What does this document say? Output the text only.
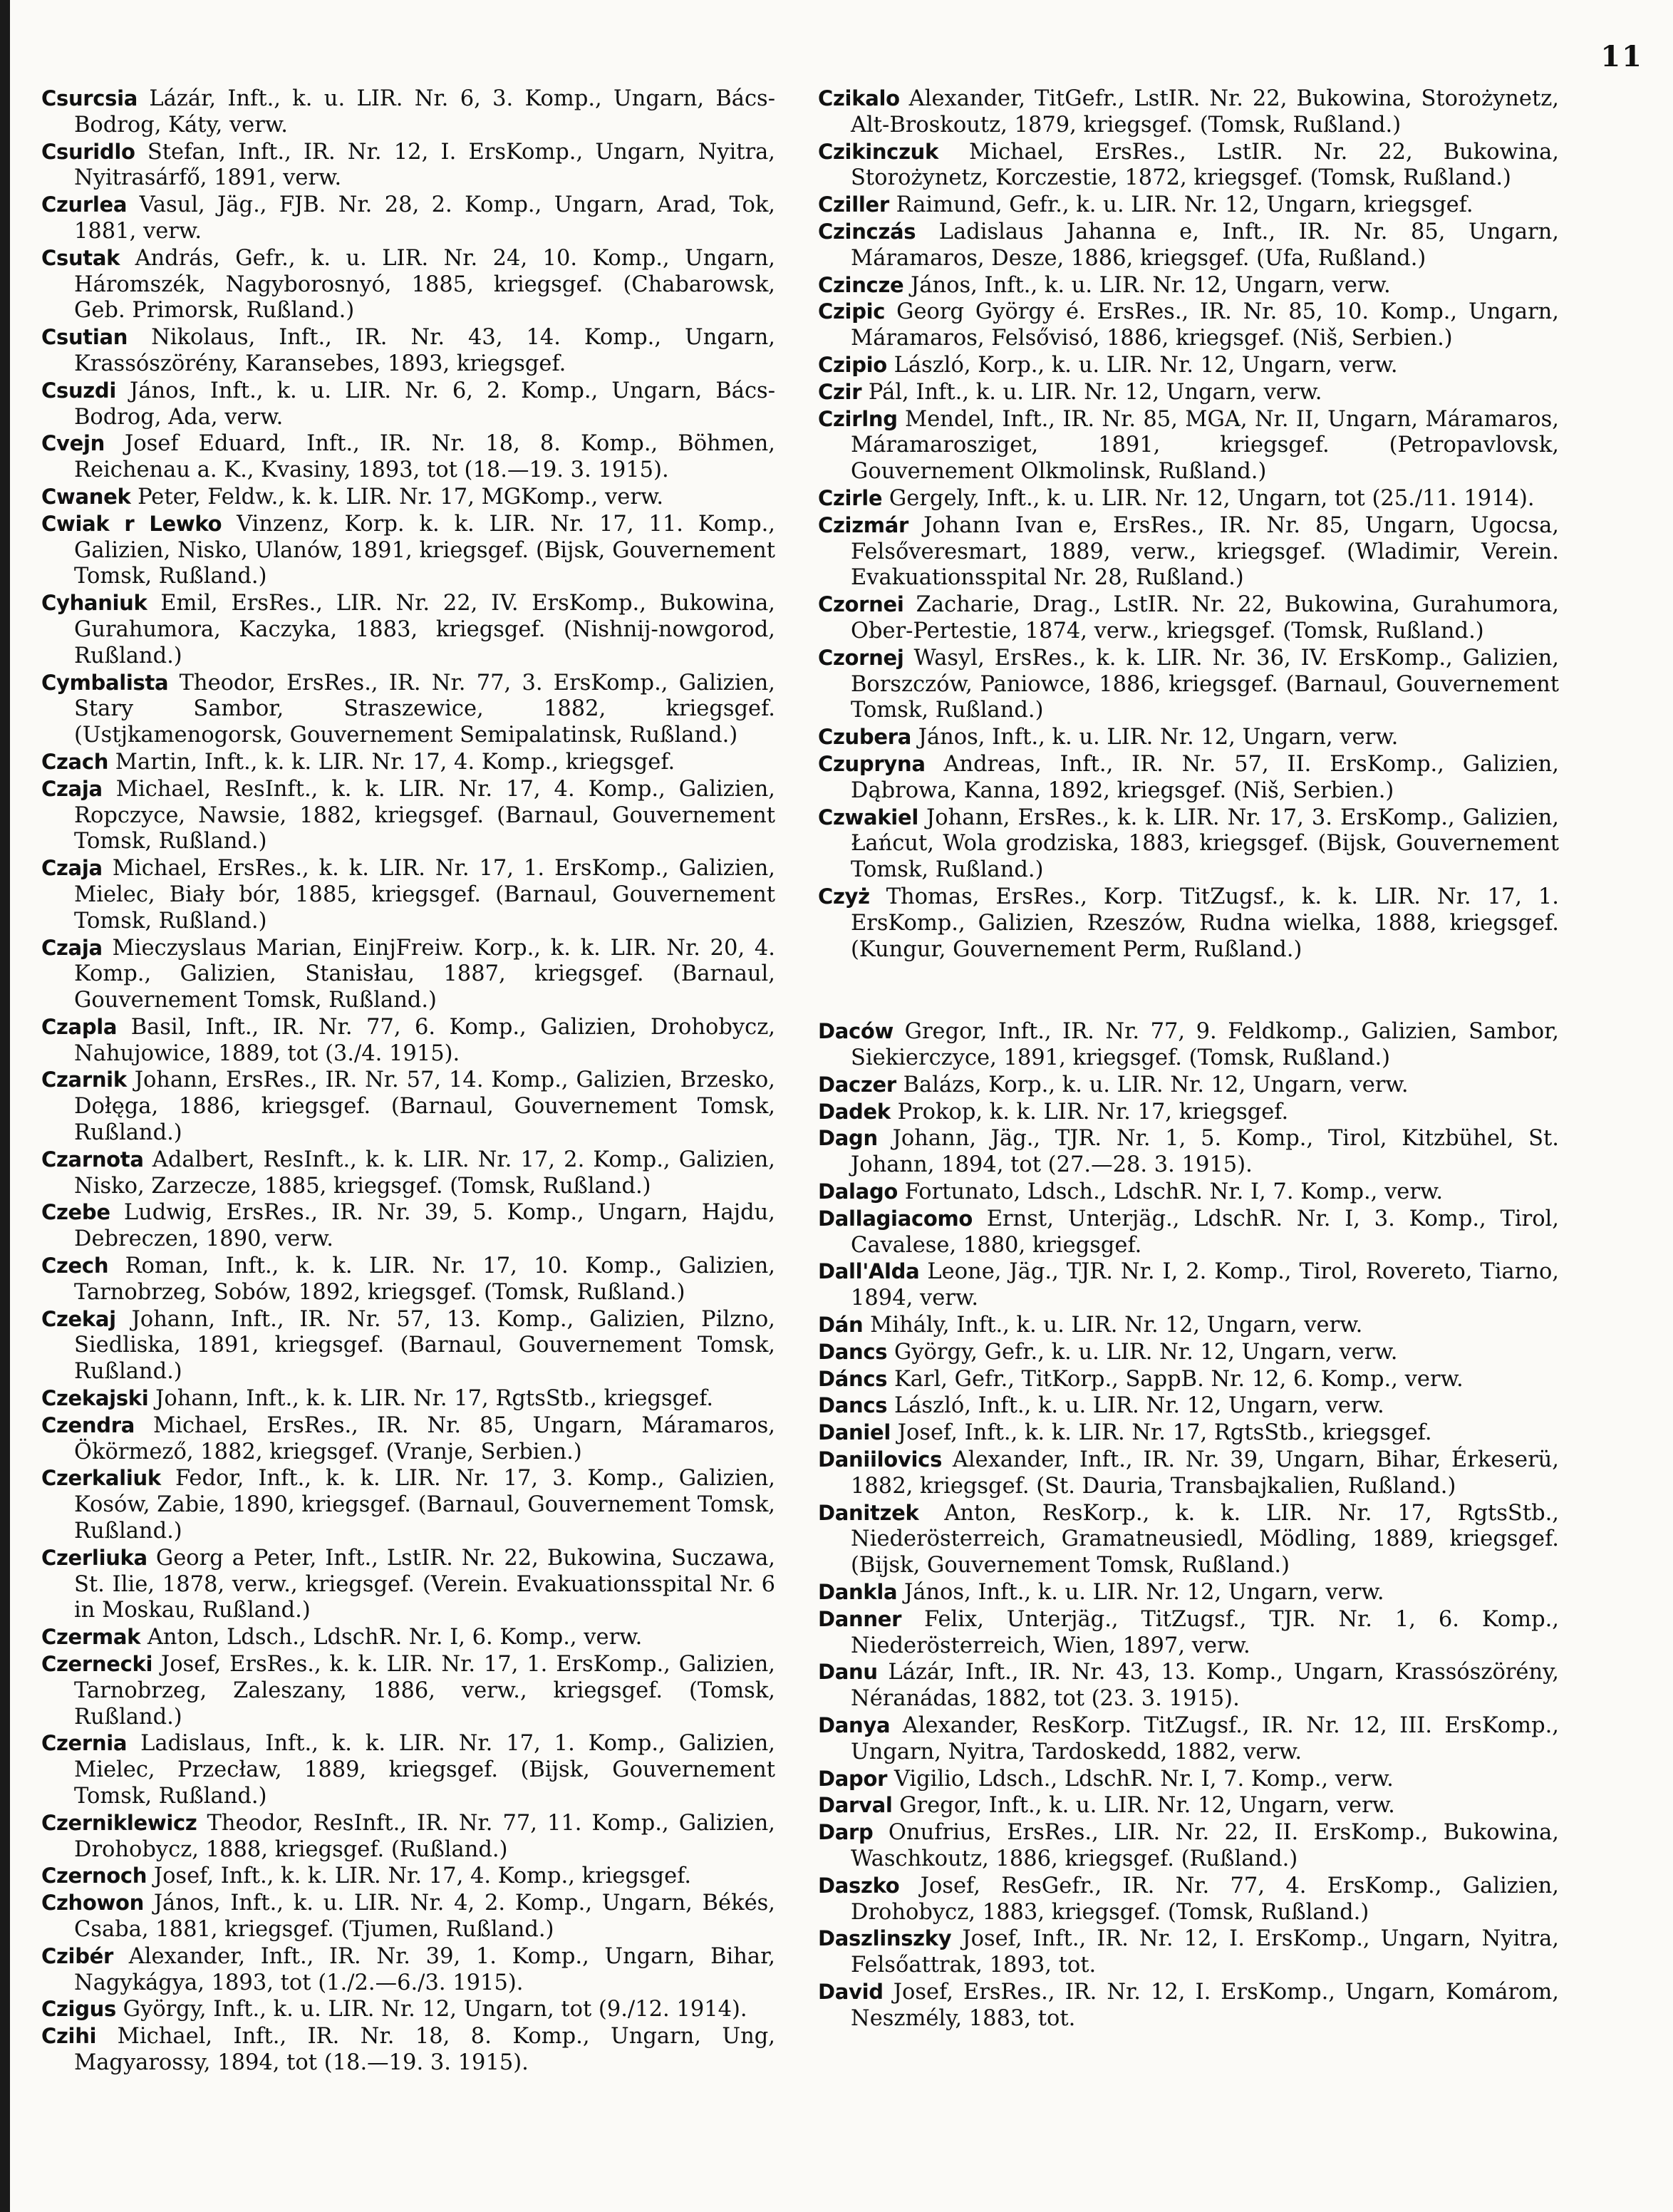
11

Csurcsia Lázár, Inft., k. u. LIR. Nr. 6, 3. Komp., Ungarn, Bács-Bodrog, Káty, verw.

Csuridlo Stefan, Inft., IR. Nr. 12, I. ErsKomp., Ungarn, Nyitra, Nyitrasárfő, 1891, verw.

Czurlea Vasul, Jäg., FJB. Nr. 28, 2. Komp., Ungarn, Arad, Tok, 1881, verw.

Csutak András, Gefr., k. u. LIR. Nr. 24, 10. Komp., Ungarn, Háromszék, Nagyborosnyó, 1885, kriegsgef. (Chabarowsk, Geb. Primorsk, Rußland.)

Csutian Nikolaus, Inft., IR. Nr. 43, 14. Komp., Ungarn, Krassószörény, Karansebes, 1893, kriegsgef.

Csuzdi János, Inft., k. u. LIR. Nr. 6, 2. Komp., Ungarn, Bács-Bodrog, Ada, verw.

Cvejn Josef Eduard, Inft., IR. Nr. 18, 8. Komp., Böhmen, Reichenau a. K., Kvasiny, 1893, tot (18.—19. 3. 1915).

Cwanek Peter, Feldw., k. k. LIR. Nr. 17, MGKomp., verw.

Cwiak r Lewko Vinzenz, Korp. k. k. LIR. Nr. 17, 11. Komp., Galizien, Nisko, Ulanów, 1891, kriegsgef. (Bijsk, Gouvernement Tomsk, Rußland.)

Cyhaniuk Emil, ErsRes., LIR. Nr. 22, IV. ErsKomp., Bukowina, Gurahumora, Kaczyka, 1883, kriegsgef. (Nishnij-nowgorod, Rußland.)

Cymbalista Theodor, ErsRes., IR. Nr. 77, 3. ErsKomp., Galizien, Stary Sambor, Straszewice, 1882, kriegsgef. (Ustjkamenogorsk, Gouvernement Semipalatinsk, Rußland.)

Czach Martin, Inft., k. k. LIR. Nr. 17, 4. Komp., kriegsgef.

Czaja Michael, ResInft., k. k. LIR. Nr. 17, 4. Komp., Galizien, Ropczyce, Nawsie, 1882, kriegsgef. (Barnaul, Gouvernement Tomsk, Rußland.)

Czaja Michael, ErsRes., k. k. LIR. Nr. 17, 1. ErsKomp., Galizien, Mielec, Biały bór, 1885, kriegsgef. (Barnaul, Gouvernement Tomsk, Rußland.)

Czaja Mieczyslaus Marian, EinjFreiw. Korp., k. k. LIR. Nr. 20, 4. Komp., Galizien, Stanisłau, 1887, kriegsgef. (Barnaul, Gouvernement Tomsk, Rußland.)

Czapla Basil, Inft., IR. Nr. 77, 6. Komp., Galizien, Drohobycz, Nahujowice, 1889, tot (3./4. 1915).

Czarnik Johann, ErsRes., IR. Nr. 57, 14. Komp., Galizien, Brzesko, Dołęga, 1886, kriegsgef. (Barnaul, Gouvernement Tomsk, Rußland.)

Czarnota Adalbert, ResInft., k. k. LIR. Nr. 17, 2. Komp., Galizien, Nisko, Zarzecze, 1885, kriegsgef. (Tomsk, Rußland.)

Czebe Ludwig, ErsRes., IR. Nr. 39, 5. Komp., Ungarn, Hajdu, Debreczen, 1890, verw.

Czech Roman, Inft., k. k. LIR. Nr. 17, 10. Komp., Galizien, Tarnobrzeg, Sobów, 1892, kriegsgef. (Tomsk, Rußland.)

Czekaj Johann, Inft., IR. Nr. 57, 13. Komp., Galizien, Pilzno, Siedliska, 1891, kriegsgef. (Barnaul, Gouvernement Tomsk, Rußland.)

Czekajski Johann, Inft., k. k. LIR. Nr. 17, RgtsStb., kriegsgef.

Czendra Michael, ErsRes., IR. Nr. 85, Ungarn, Máramaros, Ökörmező, 1882, kriegsgef. (Vranje, Serbien.)

Czerkaliuk Fedor, Inft., k. k. LIR. Nr. 17, 3. Komp., Galizien, Kosów, Zabie, 1890, kriegsgef. (Barnaul, Gouvernement Tomsk, Rußland.)

Czerliuka Georg a Peter, Inft., LstIR. Nr. 22, Bukowina, Suczawa, St. Ilie, 1878, verw., kriegsgef. (Verein. Evakuationsspital Nr. 6 in Moskau, Rußland.)

Czermak Anton, Ldsch., LdschR. Nr. I, 6. Komp., verw.

Czernecki Josef, ErsRes., k. k. LIR. Nr. 17, 1. ErsKomp., Galizien, Tarnobrzeg, Zaleszany, 1886, verw., kriegsgef. (Tomsk, Rußland.)

Czernia Ladislaus, Inft., k. k. LIR. Nr. 17, 1. Komp., Galizien, Mielec, Przecław, 1889, kriegsgef. (Bijsk, Gouvernement Tomsk, Rußland.)

Czerniklewicz Theodor, ResInft., IR. Nr. 77, 11. Komp., Galizien, Drohobycz, 1888, kriegsgef. (Rußland.)

Czernoch Josef, Inft., k. k. LIR. Nr. 17, 4. Komp., kriegsgef.

Czhowon János, Inft., k. u. LIR. Nr. 4, 2. Komp., Ungarn, Békés, Csaba, 1881, kriegsgef. (Tjumen, Rußland.)

Czibér Alexander, Inft., IR. Nr. 39, 1. Komp., Ungarn, Bihar, Nagykágya, 1893, tot (1./2.—6./3. 1915).

Czigus György, Inft., k. u. LIR. Nr. 12, Ungarn, tot (9./12. 1914).

Czihi Michael, Inft., IR. Nr. 18, 8. Komp., Ungarn, Ung, Magyarossy, 1894, tot (18.—19. 3. 1915).

Czikalo Alexander, TitGefr., LstIR. Nr. 22, Bukowina, Storożynetz, Alt-Broskoutz, 1879, kriegsgef. (Tomsk, Rußland.)

Czikinczuk Michael, ErsRes., LstIR. Nr. 22, Bukowina, Storożynetz, Korczestie, 1872, kriegsgef. (Tomsk, Rußland.)

Cziller Raimund, Gefr., k. u. LIR. Nr. 12, Ungarn, kriegsgef.

Czinczás Ladislaus Jahanna e, Inft., IR. Nr. 85, Ungarn, Máramaros, Desze, 1886, kriegsgef. (Ufa, Rußland.)

Czincze János, Inft., k. u. LIR. Nr. 12, Ungarn, verw.

Czipic Georg György é. ErsRes., IR. Nr. 85, 10. Komp., Ungarn, Máramaros, Felsővisó, 1886, kriegsgef. (Niš, Serbien.)

Czipio László, Korp., k. u. LIR. Nr. 12, Ungarn, verw.

Czir Pál, Inft., k. u. LIR. Nr. 12, Ungarn, verw.

Czirlng Mendel, Inft., IR. Nr. 85, MGA, Nr. II, Ungarn, Máramaros, Máramarosziget, 1891, kriegsgef. (Petropavlovsk, Gouvernement Olkmolinsk, Rußland.)

Czirle Gergely, Inft., k. u. LIR. Nr. 12, Ungarn, tot (25./11. 1914).

Czizmár Johann Ivan e, ErsRes., IR. Nr. 85, Ungarn, Ugocsa, Felsőveresmart, 1889, verw., kriegsgef. (Wladimir, Verein. Evakuationsspital Nr. 28, Rußland.)

Czornei Zacharie, Drag., LstIR. Nr. 22, Bukowina, Gurahumora, Ober-Pertestie, 1874, verw., kriegsgef. (Tomsk, Rußland.)

Czornej Wasyl, ErsRes., k. k. LIR. Nr. 36, IV. ErsKomp., Galizien, Borszczów, Paniowce, 1886, kriegsgef. (Barnaul, Gouvernement Tomsk, Rußland.)

Czubera János, Inft., k. u. LIR. Nr. 12, Ungarn, verw.

Czupryna Andreas, Inft., IR. Nr. 57, II. ErsKomp., Galizien, Dąbrowa, Kanna, 1892, kriegsgef. (Niš, Serbien.)

Czwakiel Johann, ErsRes., k. k. LIR. Nr. 17, 3. ErsKomp., Galizien, Łańcut, Wola grodziska, 1883, kriegsgef. (Bijsk, Gouvernement Tomsk, Rußland.)

Czyż Thomas, ErsRes., Korp. TitZugsf., k. k. LIR. Nr. 17, 1. ErsKomp., Galizien, Rzeszów, Rudna wielka, 1888, kriegsgef. (Kungur, Gouvernement Perm, Rußland.)

Daców Gregor, Inft., IR. Nr. 77, 9. Feldkomp., Galizien, Sambor, Siekierczyce, 1891, kriegsgef. (Tomsk, Rußland.)

Daczer Balázs, Korp., k. u. LIR. Nr. 12, Ungarn, verw.

Dadek Prokop, k. k. LIR. Nr. 17, kriegsgef.

Dagn Johann, Jäg., TJR. Nr. 1, 5. Komp., Tirol, Kitzbühel, St. Johann, 1894, tot (27.—28. 3. 1915).

Dalago Fortunato, Ldsch., LdschR. Nr. I, 7. Komp., verw.

Dallagiacomo Ernst, Unterjäg., LdschR. Nr. I, 3. Komp., Tirol, Cavalese, 1880, kriegsgef.

Dall'Alda Leone, Jäg., TJR. Nr. I, 2. Komp., Tirol, Rovereto, Tiarno, 1894, verw.

Dán Mihály, Inft., k. u. LIR. Nr. 12, Ungarn, verw.

Dancs György, Gefr., k. u. LIR. Nr. 12, Ungarn, verw.

Dáncs Karl, Gefr., TitKorp., SappB. Nr. 12, 6. Komp., verw.

Dancs László, Inft., k. u. LIR. Nr. 12, Ungarn, verw.

Daniel Josef, Inft., k. k. LIR. Nr. 17, RgtsStb., kriegsgef.

Daniilovics Alexander, Inft., IR. Nr. 39, Ungarn, Bihar, Érkeserü, 1882, kriegsgef. (St. Dauria, Transbajkalien, Rußland.)

Danitzek Anton, ResKorp., k. k. LIR. Nr. 17, RgtsStb., Niederösterreich, Gramatneusiedl, Mödling, 1889, kriegsgef. (Bijsk, Gouvernement Tomsk, Rußland.)

Dankla János, Inft., k. u. LIR. Nr. 12, Ungarn, verw.

Danner Felix, Unterjäg., TitZugsf., TJR. Nr. 1, 6. Komp., Niederösterreich, Wien, 1897, verw.

Danu Lázár, Inft., IR. Nr. 43, 13. Komp., Ungarn, Krassószörény, Néranádas, 1882, tot (23. 3. 1915).

Danya Alexander, ResKorp. TitZugsf., IR. Nr. 12, III. ErsKomp., Ungarn, Nyitra, Tardoskedd, 1882, verw.

Dapor Vigilio, Ldsch., LdschR. Nr. I, 7. Komp., verw.

Darval Gregor, Inft., k. u. LIR. Nr. 12, Ungarn, verw.

Darp Onufrius, ErsRes., LIR. Nr. 22, II. ErsKomp., Bukowina, Waschkoutz, 1886, kriegsgef. (Rußland.)

Daszko Josef, ResGefr., IR. Nr. 77, 4. ErsKomp., Galizien, Drohobycz, 1883, kriegsgef. (Tomsk, Rußland.)

Daszlinszky Josef, Inft., IR. Nr. 12, I. ErsKomp., Ungarn, Nyitra, Felsőattrak, 1893, tot.

David Josef, ErsRes., IR. Nr. 12, I. ErsKomp., Ungarn, Komárom, Neszmély, 1883, tot.
